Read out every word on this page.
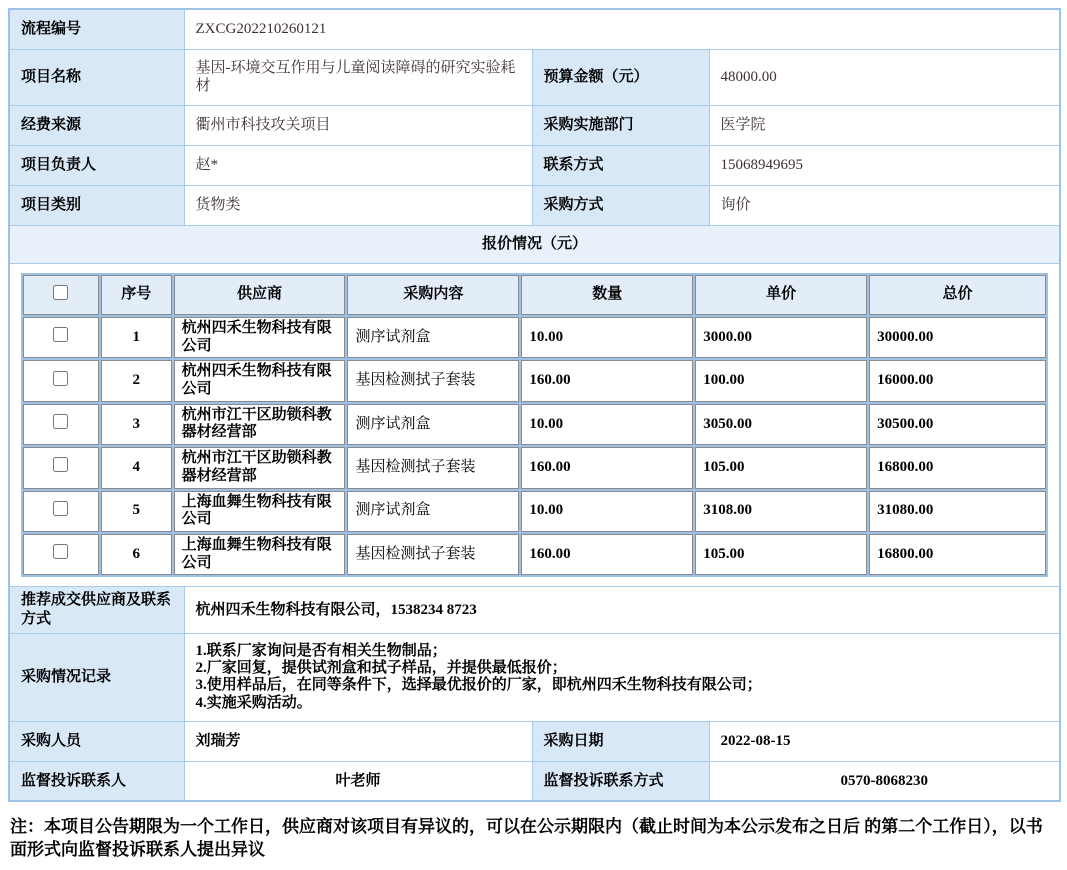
流程编号	ZXCG202210260121
项目名称	基因-环境交互作用与儿童阅读障碍的研究实验耗材	预算金额（元）	48000.00
经费来源	衢州市科技攻关项目	采购实施部门	医学院
项目负责人	赵*	联系方式	15068949695
项目类别	货物类	采购方式	询价
报价情况（元）

	序号	供应商	采购内容	数量	单价	总价
	1	杭州四禾生物科技有限公司	测序试剂盒	10.00	3000.00	30000.00
	2	杭州四禾生物科技有限公司	基因检测拭子套装	160.00	100.00	16000.00
	3	杭州市江干区助锁科教器材经营部	测序试剂盒	10.00	3050.00	30500.00
	4	杭州市江干区助锁科教器材经营部	基因检测拭子套装	160.00	105.00	16800.00
	5	上海血舞生物科技有限公司	测序试剂盒	10.00	3108.00	31080.00
	6	上海血舞生物科技有限公司	基因检测拭子套装	160.00	105.00	16800.00

推荐成交供应商及联系方式	杭州四禾生物科技有限公司，1538234 8723
采购情况记录	
1.联系厂家询问是否有相关生物制品；
2.厂家回复，提供试剂盒和拭子样品，并提供最低报价；
3.使用样品后，在同等条件下，选择最优报价的厂家，即杭州四禾生物科技有限公司；
4.实施采购活动。

采购人员	刘瑞芳	采购日期	2022-08-15
监督投诉联系人	叶老师	监督投诉联系方式	0570-8068230
注：本项目公告期限为一个工作日，供应商对该项目有异议的，可以在公示期限内（截止时间为本公示发布之日后 的第二个工作日），以书面形式向监督投诉联系人提出异议
